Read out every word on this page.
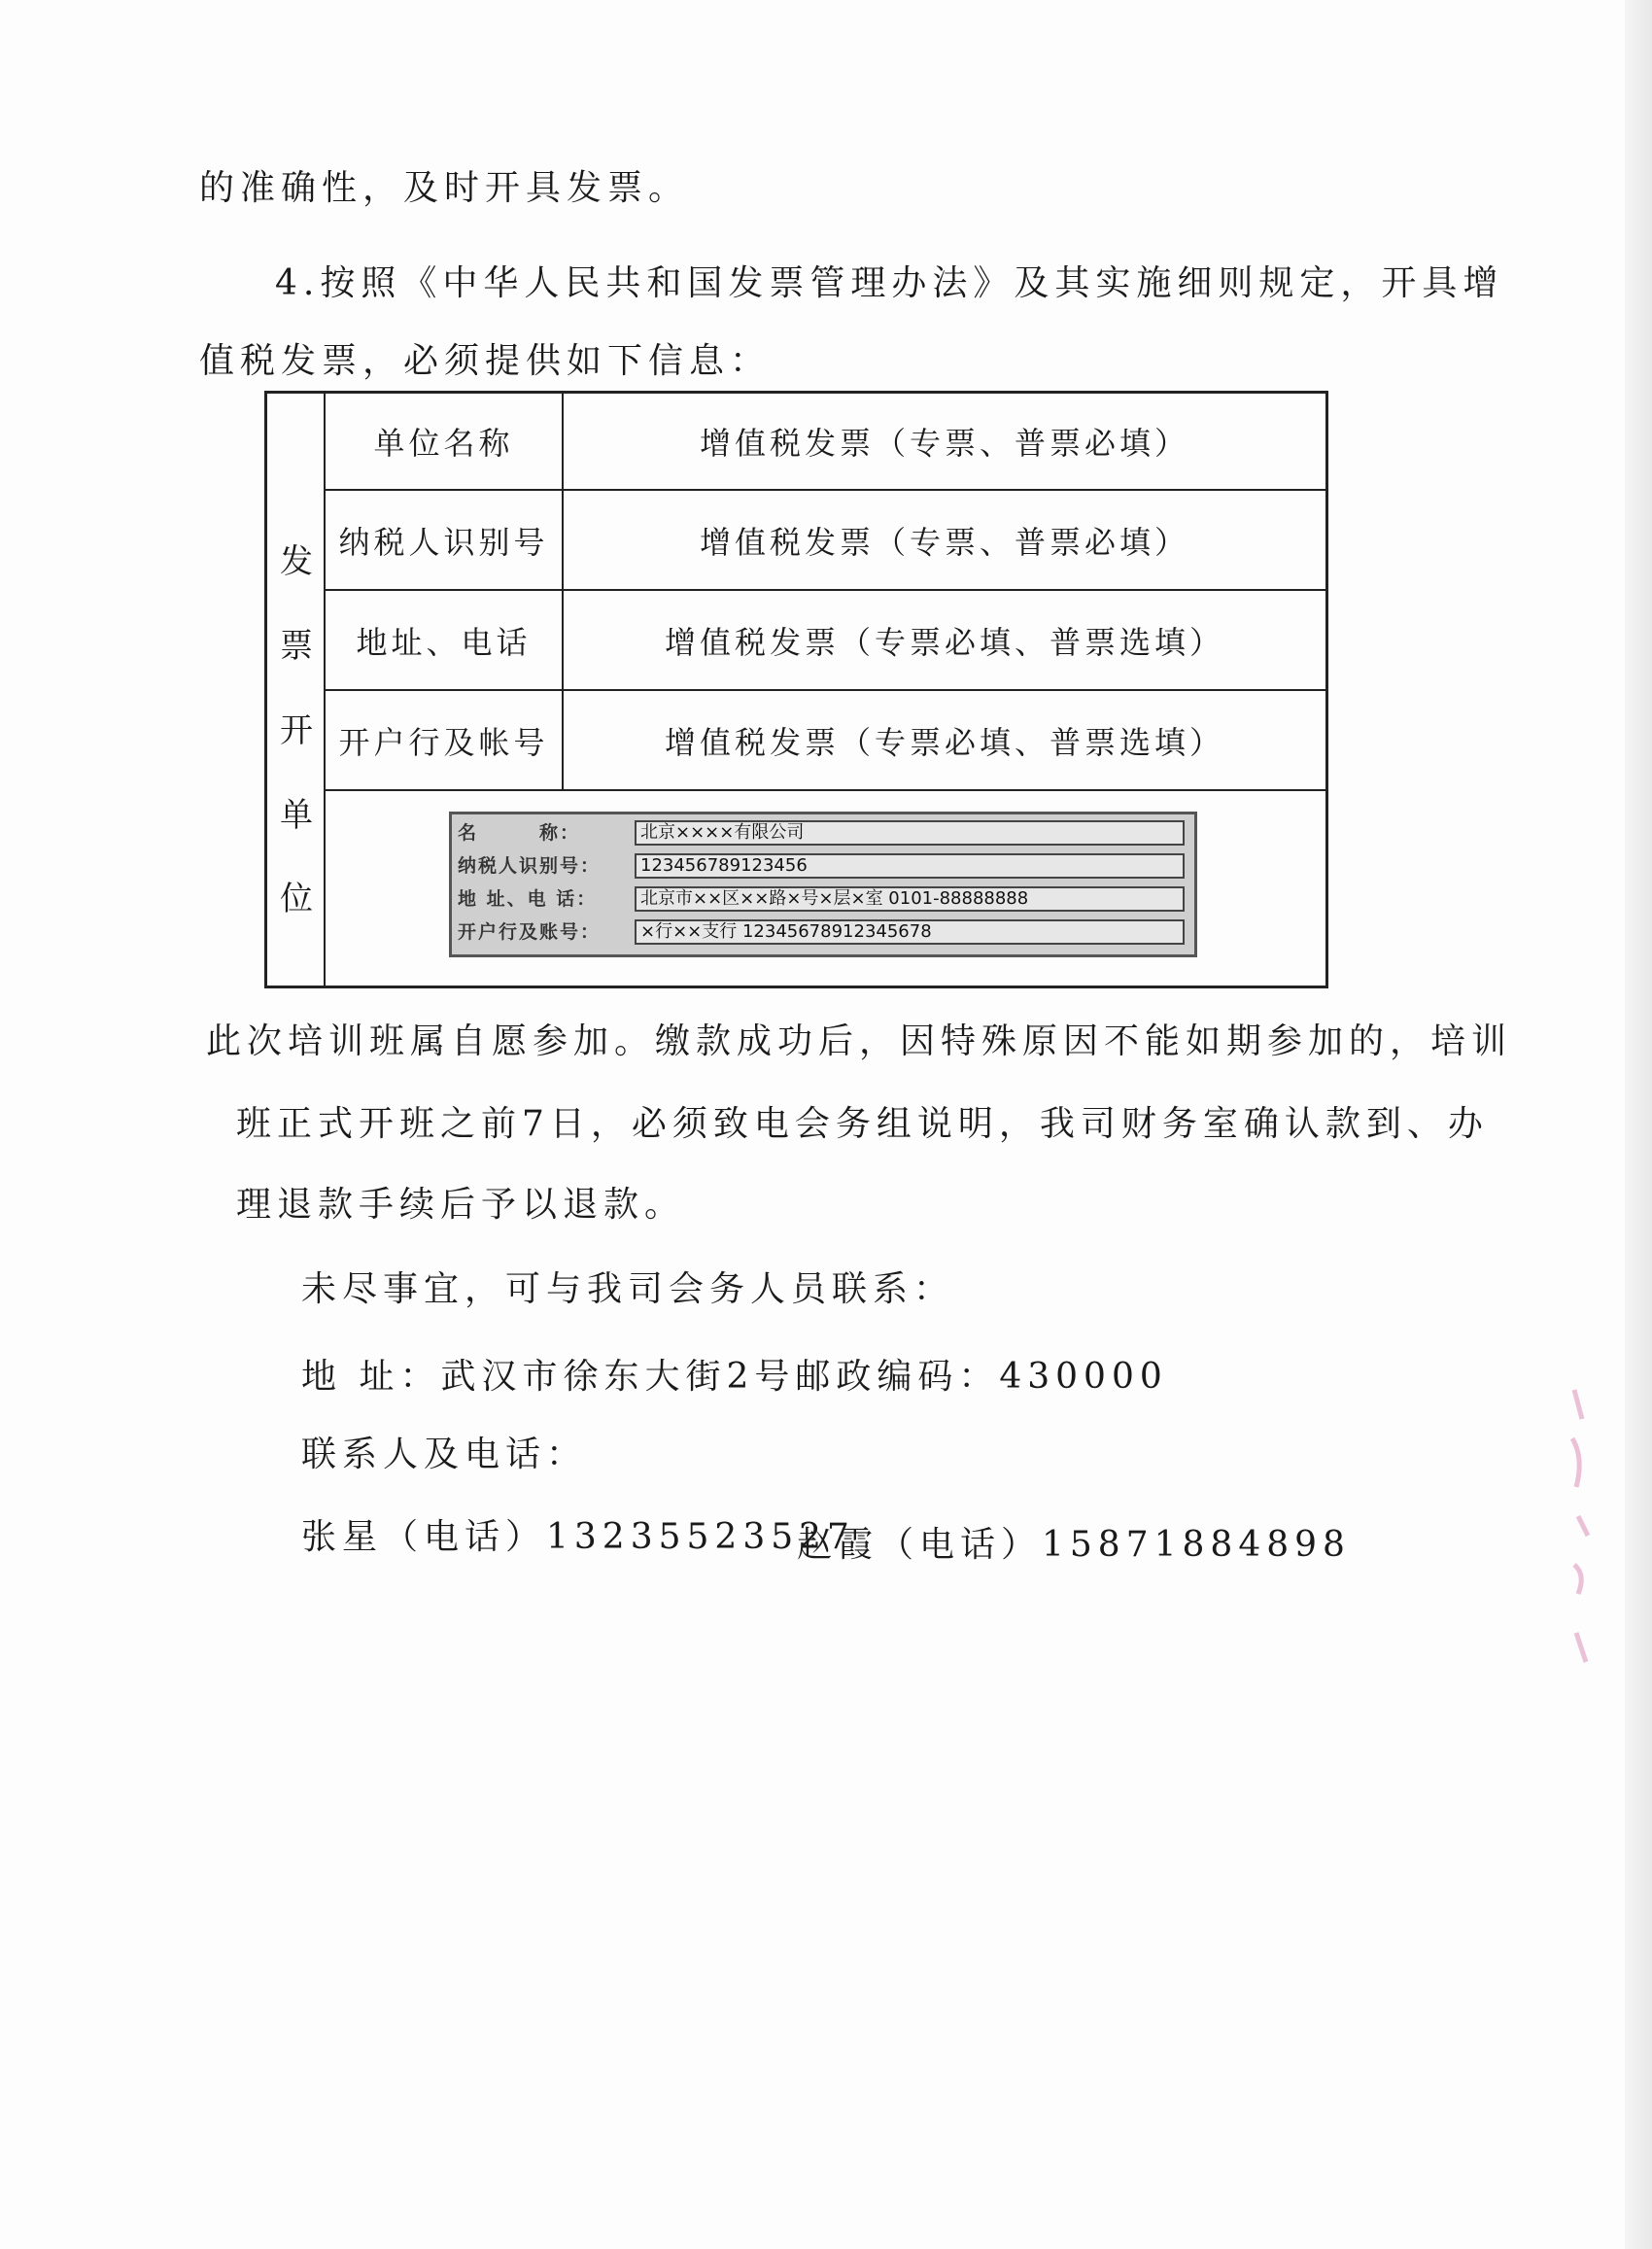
的准确性，及时开具发票。
4.按照《中华人民共和国发票管理办法》及其实施细则规定，开具增
值税发票，必须提供如下信息：
发
票
开
单
位
单位名称	增值税发票（专票、普票必填）
纳税人识别号	增值税发票（专票、普票必填）
地址、电话	增值税发票（专票必填、普票选填）
开户行及帐号	增值税发票（专票必填、普票选填）
名　　　称：	北京××××有限公司
纳税人识别号：	123456789123456
地 址、电 话：	北京市××区××路×号×层×室 0101-88888888
开户行及账号：	×行××支行 1234567891234567​8
此次培训班属自愿参加。缴款成功后，因特殊原因不能如期参加的，培训
班正式开班之前7日，必须致电会务组说明，我司财务室确认款到、办
理退款手续后予以退款。
未尽事宜，可与我司会务人员联系：
地 址：武汉市徐东大街2号邮政编码：430000
联系人及电话：
张星（电话）13235523527
赵霞（电话）15871884898
